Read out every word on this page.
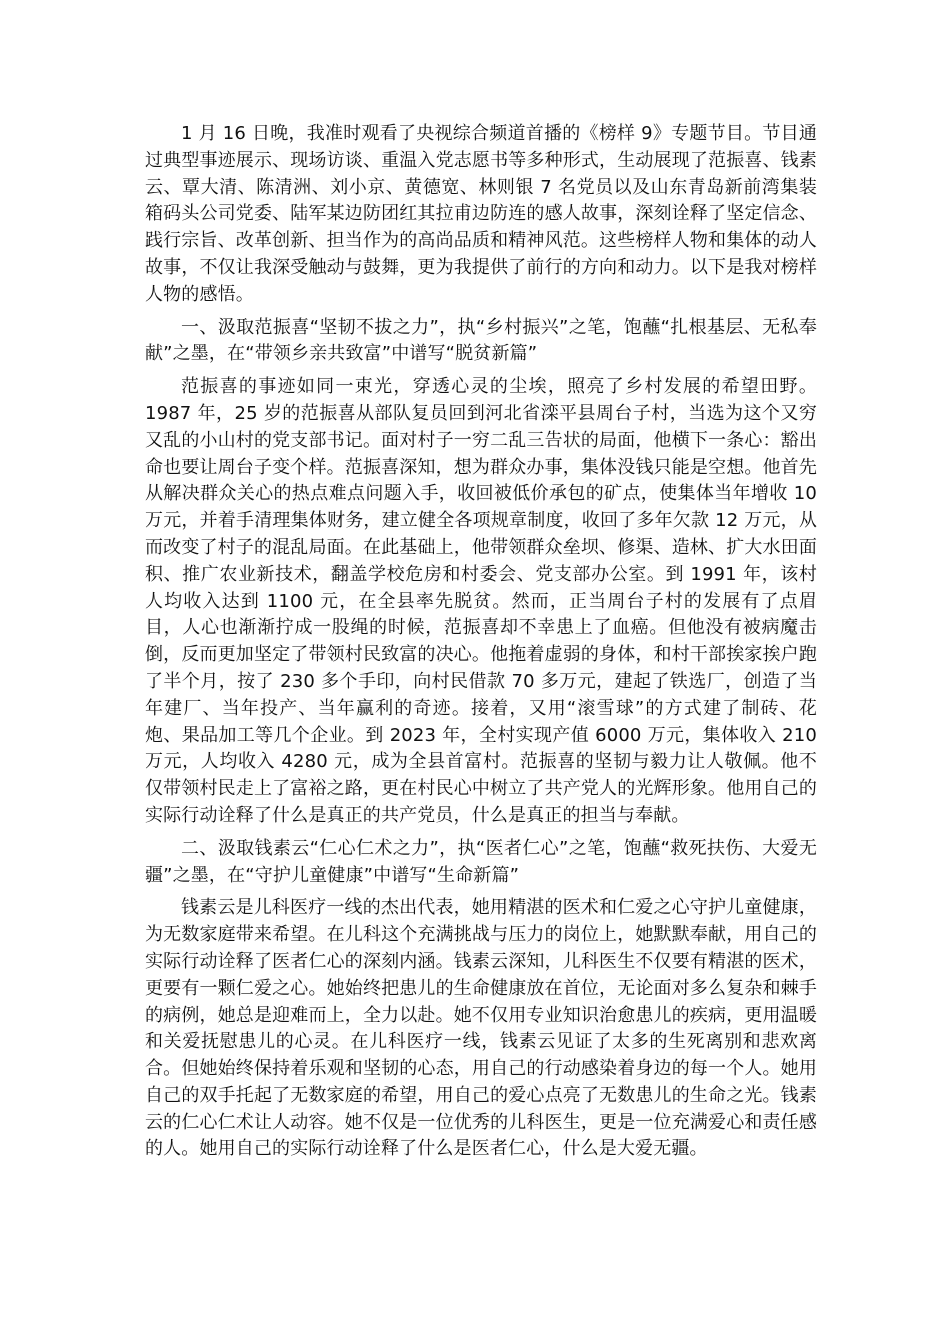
1 月 16 日晚，我准时观看了央视综合频道首播的《榜样 9》专题节目。节目通过典型事迹展示、现场访谈、重温入党志愿书等多种形式，生动展现了范振喜、钱素云、覃大清、陈清洲、刘小京、黄德宽、林则银 7 名党员以及山东青岛新前湾集装箱码头公司党委、陆军某边防团红其拉甫边防连的感人故事，深刻诠释了坚定信念、践行宗旨、改革创新、担当作为的高尚品质和精神风范。这些榜样人物和集体的动人故事，不仅让我深受触动与鼓舞，更为我提供了前行的方向和动力。以下是我对榜样人物的感悟。

一、汲取范振喜“坚韧不拔之力”，执“乡村振兴”之笔，饱蘸“扎根基层、无私奉献”之墨，在“带领乡亲共致富”中谱写“脱贫新篇”

范振喜的事迹如同一束光，穿透心灵的尘埃，照亮了乡村发展的希望田野。1987 年，25 岁的范振喜从部队复员回到河北省滦平县周台子村，当选为这个又穷又乱的小山村的党支部书记。面对村子一穷二乱三告状的局面，他横下一条心：豁出命也要让周台子变个样。范振喜深知，想为群众办事，集体没钱只能是空想。他首先从解决群众关心的热点难点问题入手，收回被低价承包的矿点，使集体当年增收 10 万元，并着手清理集体财务，建立健全各项规章制度，收回了多年欠款 12 万元，从而改变了村子的混乱局面。在此基础上，他带领群众垒坝、修渠、造林、扩大水田面积、推广农业新技术，翻盖学校危房和村委会、党支部办公室。到 1991 年，该村人均收入达到 1100 元，在全县率先脱贫。然而，正当周台子村的发展有了点眉目，人心也渐渐拧成一股绳的时候，范振喜却不幸患上了血癌。但他没有被病魔击倒，反而更加坚定了带领村民致富的决心。他拖着虚弱的身体，和村干部挨家挨户跑了半个月，按了 230 多个手印，向村民借款 70 多万元，建起了铁选厂，创造了当年建厂、当年投产、当年赢利的奇迹。接着，又用“滚雪球”的方式建了制砖、花炮、果品加工等几个企业。到 2023 年，全村实现产值 6000 万元，集体收入 210 万元，人均收入 4280 元，成为全县首富村。范振喜的坚韧与毅力让人敬佩。他不仅带领村民走上了富裕之路，更在村民心中树立了共产党人的光辉形象。他用自己的实际行动诠释了什么是真正的共产党员，什么是真正的担当与奉献。

二、汲取钱素云“仁心仁术之力”，执“医者仁心”之笔，饱蘸“救死扶伤、大爱无疆”之墨，在“守护儿童健康”中谱写“生命新篇”

钱素云是儿科医疗一线的杰出代表，她用精湛的医术和仁爱之心守护儿童健康，为无数家庭带来希望。在儿科这个充满挑战与压力的岗位上，她默默奉献，用自己的实际行动诠释了医者仁心的深刻内涵。钱素云深知，儿科医生不仅要有精湛的医术，更要有一颗仁爱之心。她始终把患儿的生命健康放在首位，无论面对多么复杂和棘手的病例，她总是迎难而上，全力以赴。她不仅用专业知识治愈患儿的疾病，更用温暖和关爱抚慰患儿的心灵。在儿科医疗一线，钱素云见证了太多的生死离别和悲欢离合。但她始终保持着乐观和坚韧的心态，用自己的行动感染着身边的每一个人。她用自己的双手托起了无数家庭的希望，用自己的爱心点亮了无数患儿的生命之光。钱素云的仁心仁术让人动容。她不仅是一位优秀的儿科医生，更是一位充满爱心和责任感的人。她用自己的实际行动诠释了什么是医者仁心，什么是大爱无疆。
